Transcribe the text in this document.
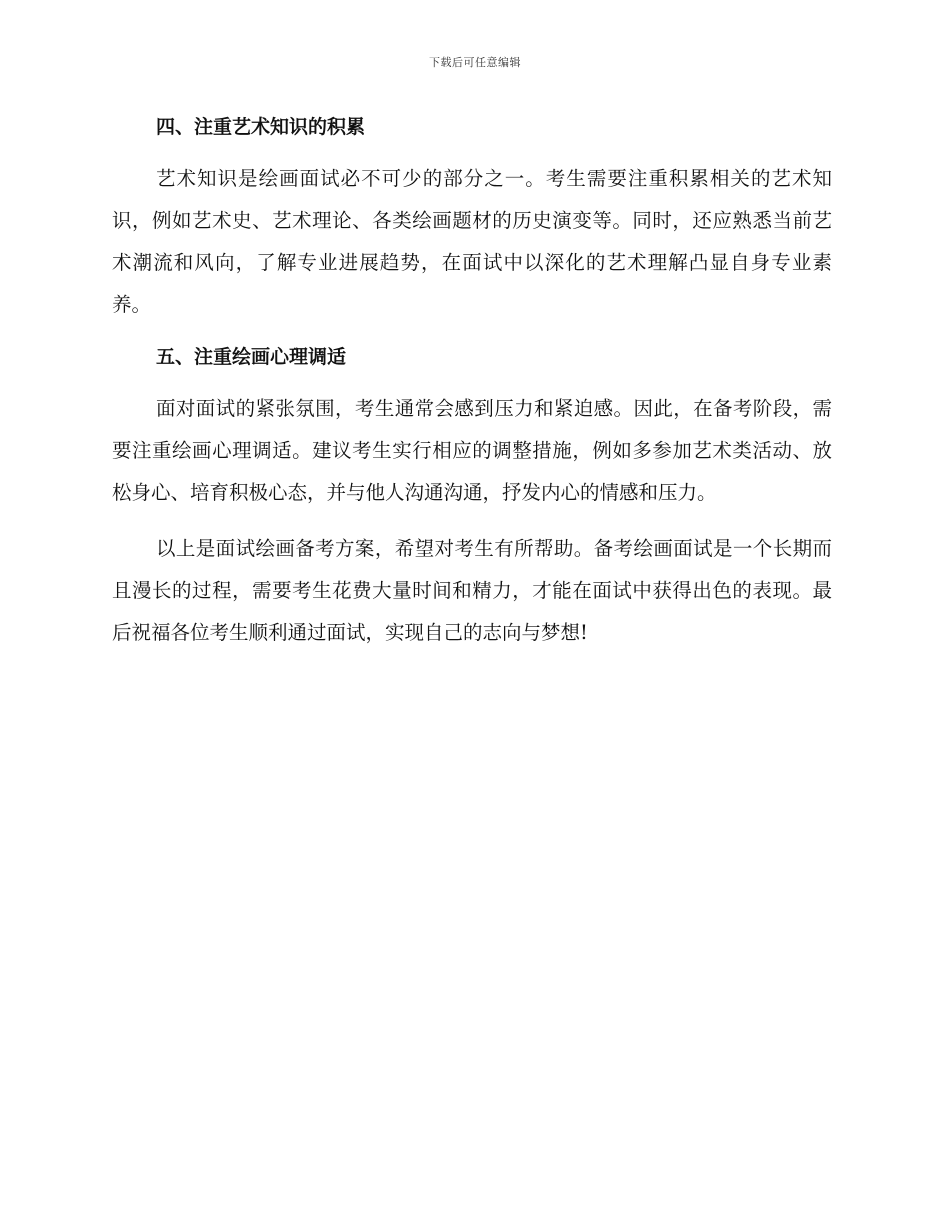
下载后可任意编辑
四、注重艺术知识的积累

艺术知识是绘画面试必不可少的部分之一。考生需要注重积累相关的艺术知识，例如艺术史、艺术理论、各类绘画题材的历史演变等。同时，还应熟悉当前艺术潮流和风向，了解专业进展趋势，在面试中以深化的艺术理解凸显自身专业素养。

五、注重绘画心理调适

面对面试的紧张氛围，考生通常会感到压力和紧迫感。因此，在备考阶段，需要注重绘画心理调适。建议考生实行相应的调整措施，例如多参加艺术类活动、放松身心、培育积极心态，并与他人沟通沟通，抒发内心的情感和压力。

以上是面试绘画备考方案，希望对考生有所帮助。备考绘画面试是一个长期而且漫长的过程，需要考生花费大量时间和精力，才能在面试中获得出色的表现。最后祝福各位考生顺利通过面试，实现自己的志向与梦想!
